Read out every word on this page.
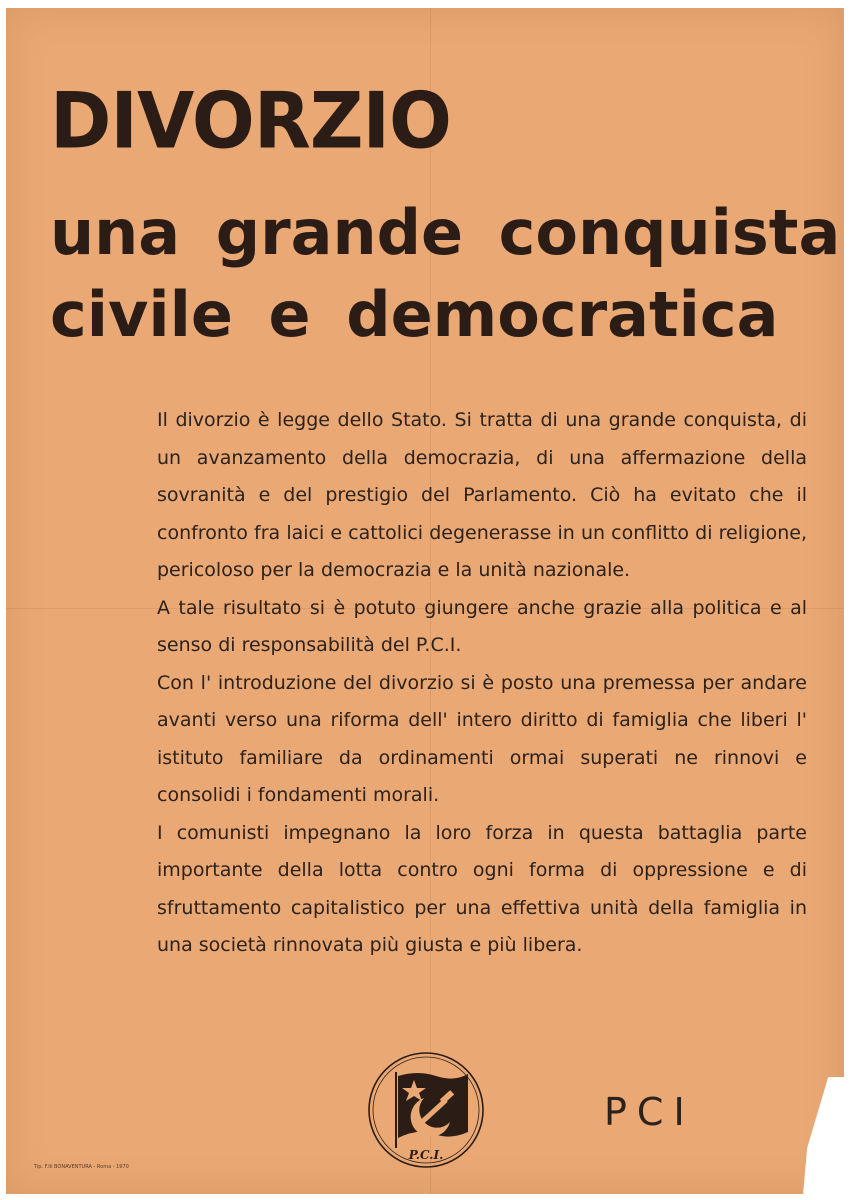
DIVORZIO
una grande conquista
civile e democratica

Il divorzio è legge dello Stato. Si tratta di una grande conquista, di un avanzamento della democrazia, di una affermazione della sovranità e del prestigio del Parlamento. Ciò ha evitato che il confronto fra laici e cattolici degenerasse in un conflitto di religione, pericoloso per la democrazia e la unità nazionale.

A tale risultato si è potuto giungere anche grazie alla politica e al senso di responsabilità del P.C.I.

Con l' introduzione del divorzio si è posto una premessa per andare avanti verso una riforma dell' intero diritto di famiglia che liberi l' istituto familiare da ordinamenti ormai superati ne rinnovi e consolidi i fondamenti morali.

I comunisti impegnano la loro forza in questa battaglia parte importante della lotta contro ogni forma di oppressione e di sfruttamento capitalistico per una effettiva unità della famiglia in una società rinnovata più giusta e più libera.

P.C.I.
PCI
Tip. F.lli BONAVENTURA - Roma - 1970
